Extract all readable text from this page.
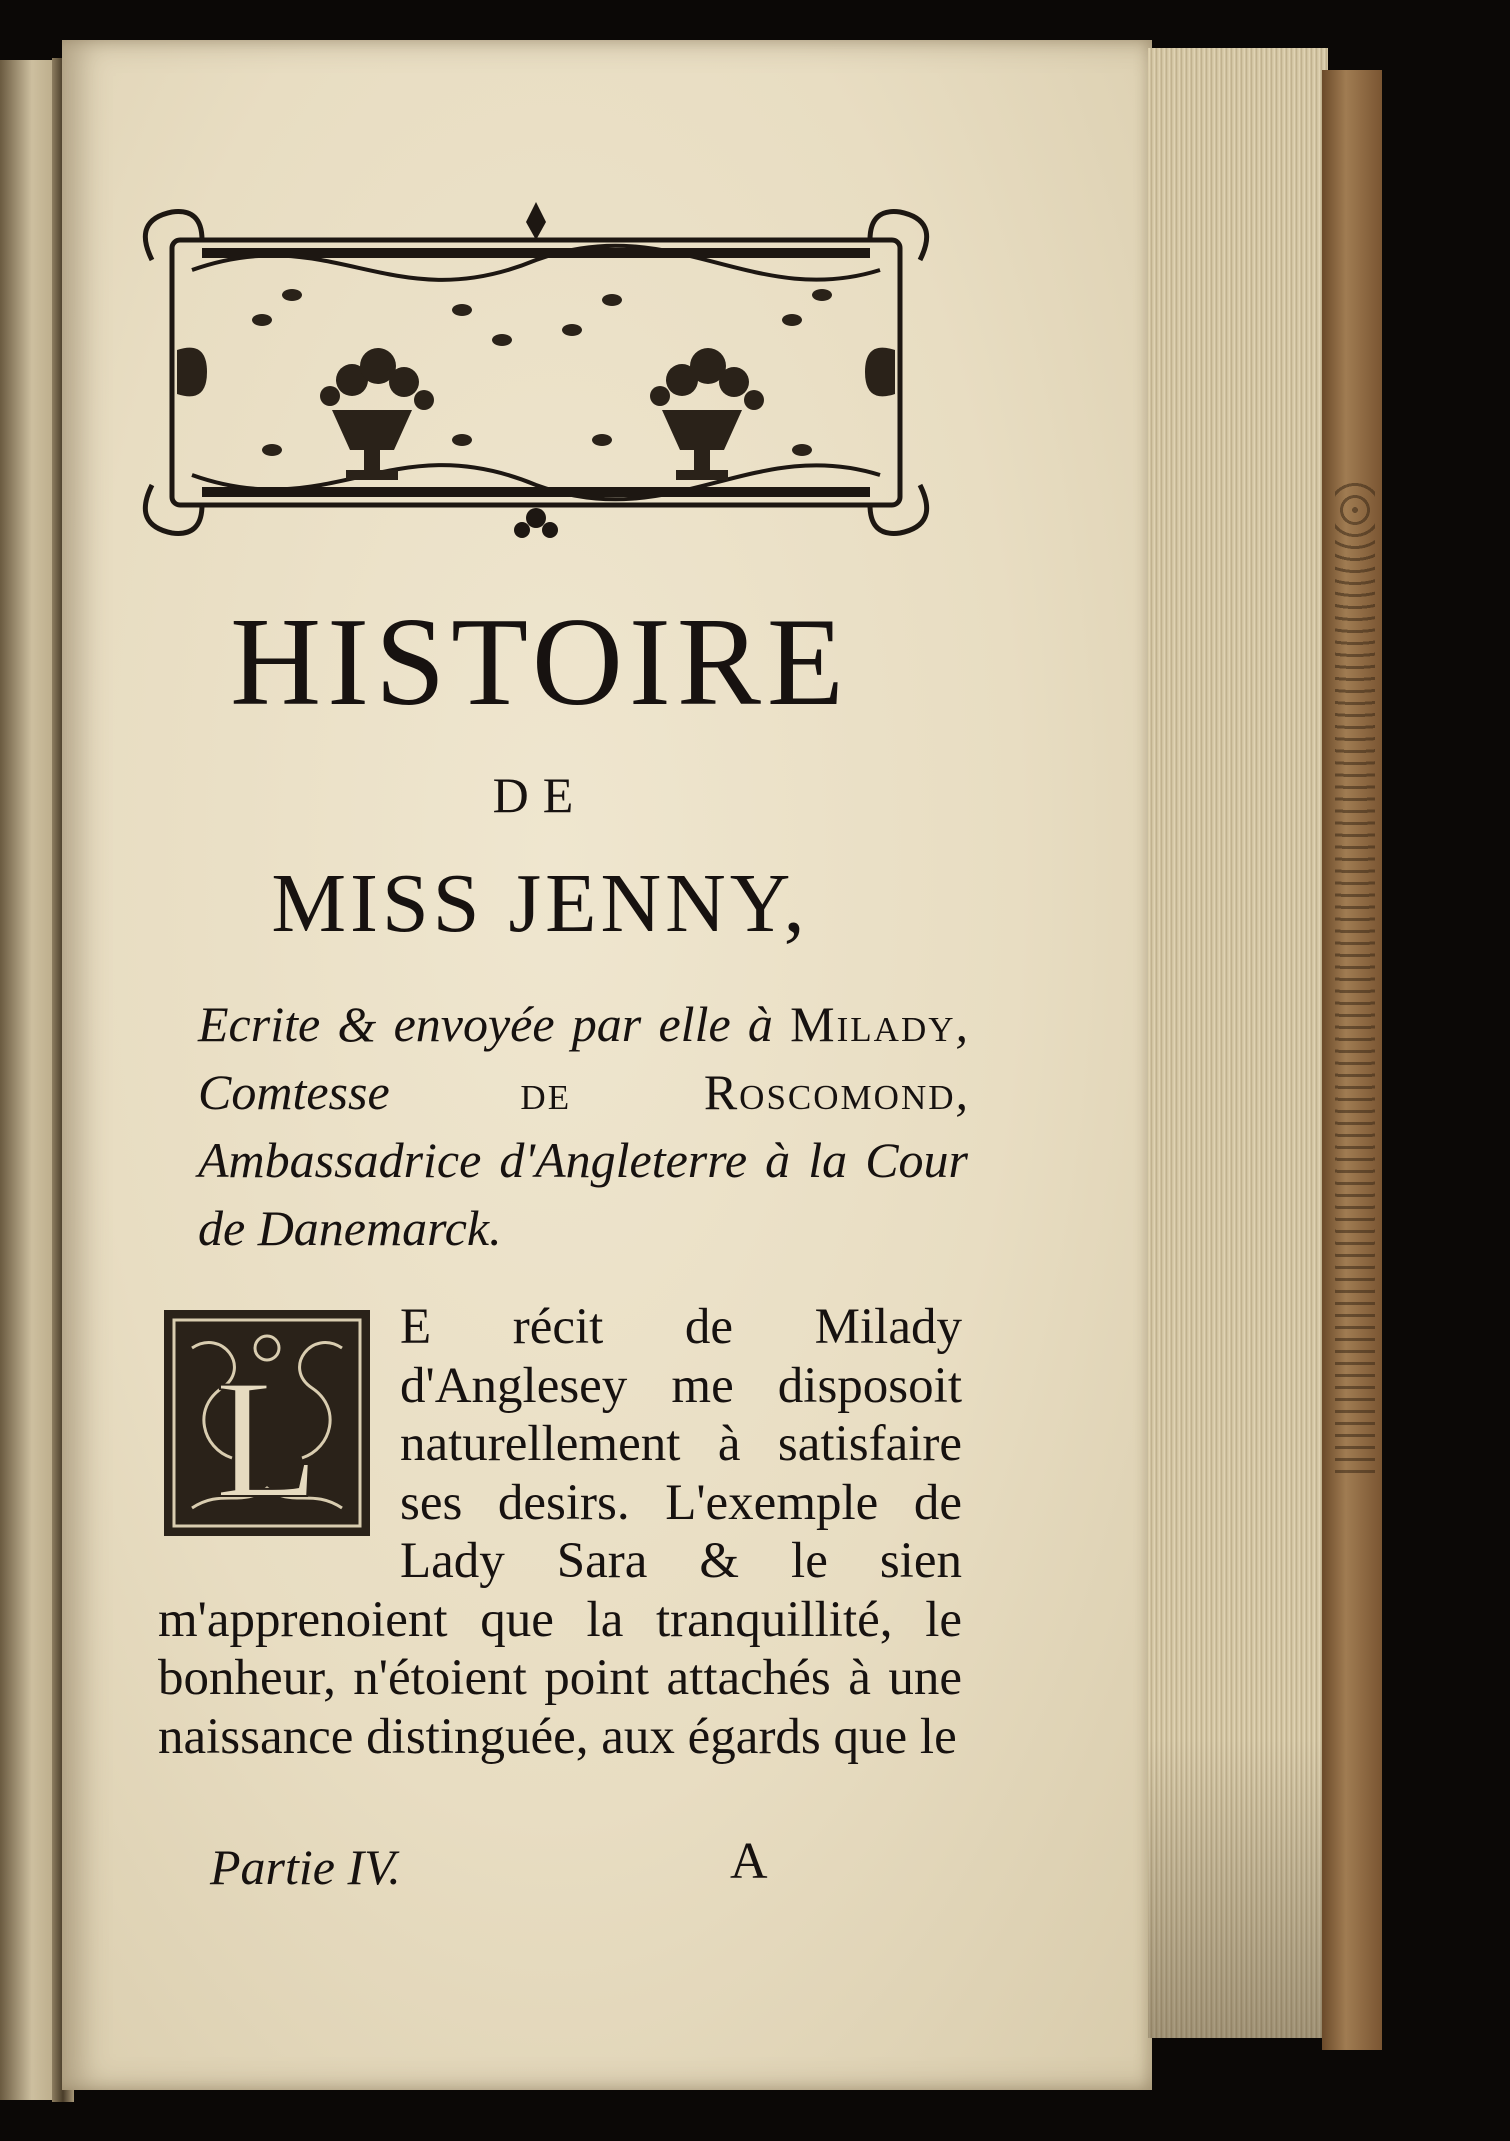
HISTOIRE
DE
MISS JENNY,
Ecrite & envoyée par elle à Milady, Comtesse de Roscomond, Ambassadrice d'Angleterre à la Cour de Danemarck.
L
E récit de Milady d'Anglesey me disposoit naturellement à satisfaire ses desirs. L'exemple de Lady Sara & le sien m'apprenoient que la tranquillité, le bonheur, n'étoient point attachés à une naissance distinguée, aux égards que le
Partie IV.	A
